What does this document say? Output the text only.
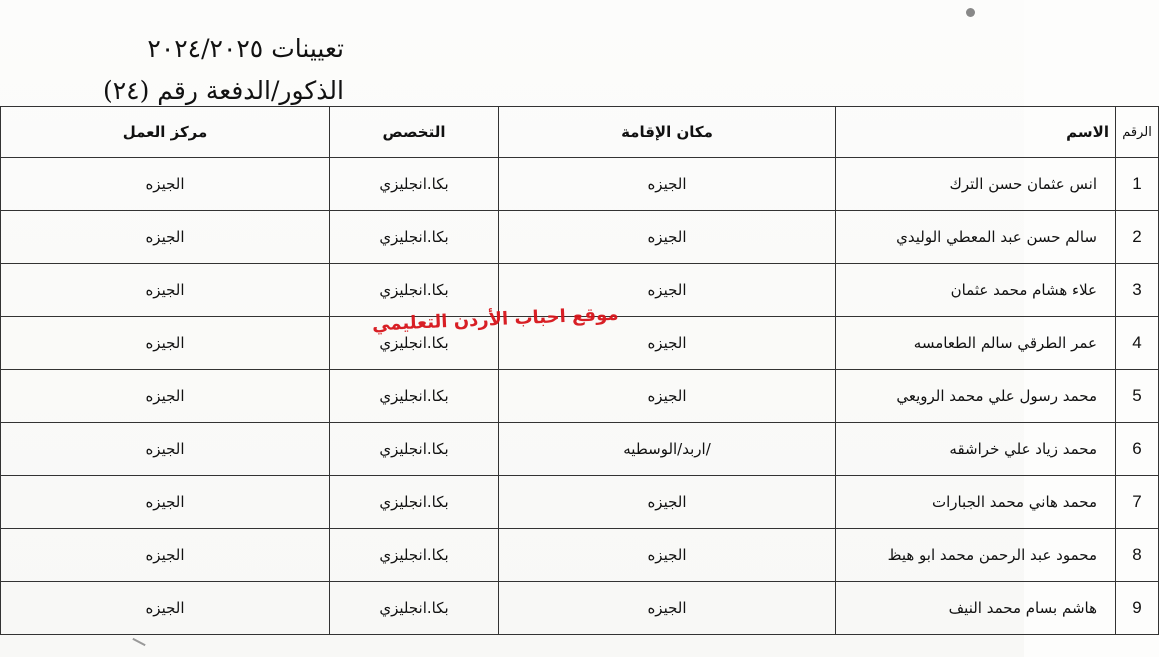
تعيينات ٢٠٢٤/٢٠٢٥
الذكور/الدفعة رقم (٢٤)
الرقم	الاسم	مكان الإقامة	التخصص	مركز العمل
1	انس عثمان حسن الترك	الجيزه	بكا.انجليزي	الجيزه
2	سالم حسن عبد المعطي الوليدي	الجيزه	بكا.انجليزي	الجيزه
3	علاء هشام محمد عثمان	الجيزه	بكا.انجليزي	الجيزه
4	عمر الطرقي سالم الطعامسه	الجيزه	بكا.انجليزي	الجيزه
5	محمد رسول علي محمد الرويعي	الجيزه	بكا.انجليزي	الجيزه
6	محمد زياد علي خراشقه	/اربد/الوسطيه	بكا.انجليزي	الجيزه
7	محمد هاني محمد الجبارات	الجيزه	بكا.انجليزي	الجيزه
8	محمود عبد الرحمن محمد ابو هيظ	الجيزه	بكا.انجليزي	الجيزه
9	هاشم بسام محمد النيف	الجيزه	بكا.انجليزي	الجيزه
موقع احباب الأردن التعليمي
